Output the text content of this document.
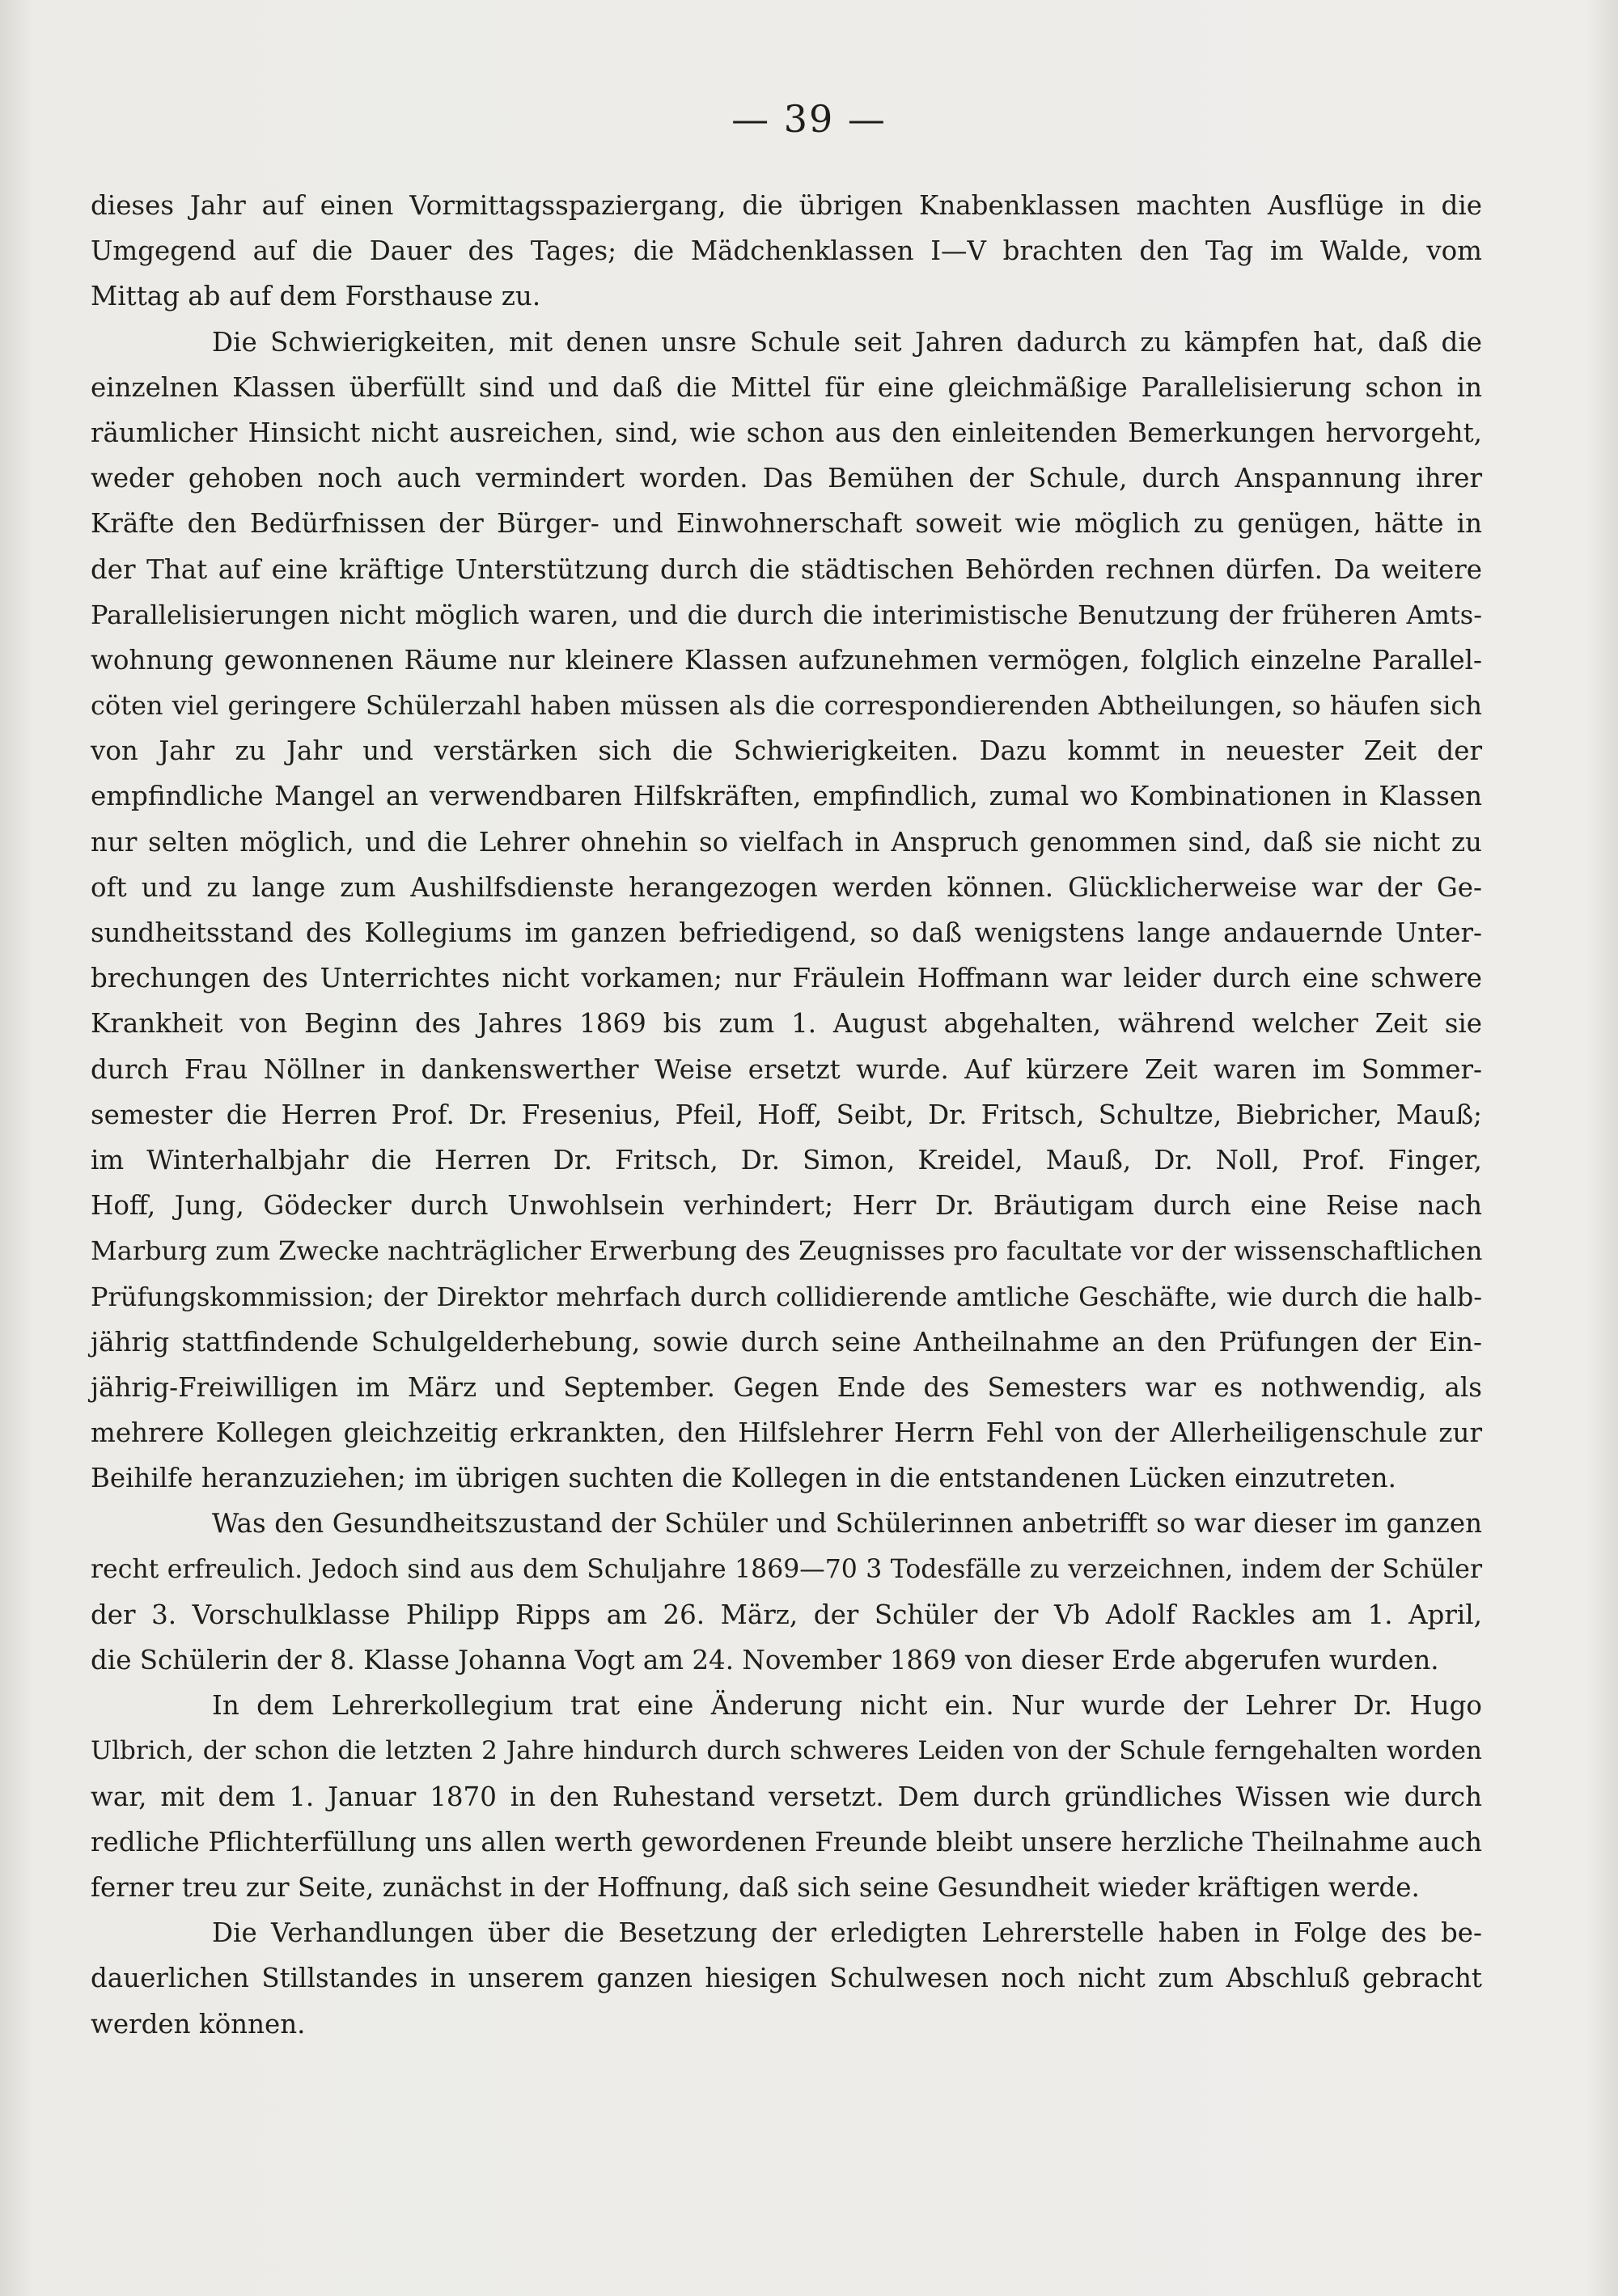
— 39 —
dieses Jahr auf einen Vormittagsspaziergang, die übrigen Knabenklassen machten Ausflüge in die
Umgegend auf die Dauer des Tages; die Mädchenklassen I—V brachten den Tag im Walde, vom
Mittag ab auf dem Forsthause zu.
Die Schwierigkeiten, mit denen unsre Schule seit Jahren dadurch zu kämpfen hat, daß die
einzelnen Klassen überfüllt sind und daß die Mittel für eine gleichmäßige Parallelisierung schon in
räumlicher Hinsicht nicht ausreichen, sind, wie schon aus den einleitenden Bemerkungen hervorgeht,
weder gehoben noch auch vermindert worden. Das Bemühen der Schule, durch Anspannung ihrer
Kräfte den Bedürfnissen der Bürger- und Einwohnerschaft soweit wie möglich zu genügen, hätte in
der That auf eine kräftige Unterstützung durch die städtischen Behörden rechnen dürfen. Da weitere
Parallelisierungen nicht möglich waren, und die durch die interimistische Benutzung der früheren Amts-
wohnung gewonnenen Räume nur kleinere Klassen aufzunehmen vermögen, folglich einzelne Parallel-
cöten viel geringere Schülerzahl haben müssen als die correspondierenden Abtheilungen, so häufen sich
von Jahr zu Jahr und verstärken sich die Schwierigkeiten. Dazu kommt in neuester Zeit der
empfindliche Mangel an verwendbaren Hilfskräften, empfindlich, zumal wo Kombinationen in Klassen
nur selten möglich, und die Lehrer ohnehin so vielfach in Anspruch genommen sind, daß sie nicht zu
oft und zu lange zum Aushilfsdienste herangezogen werden können. Glücklicherweise war der Ge-
sundheitsstand des Kollegiums im ganzen befriedigend, so daß wenigstens lange andauernde Unter-
brechungen des Unterrichtes nicht vorkamen; nur Fräulein Hoffmann war leider durch eine schwere
Krankheit von Beginn des Jahres 1869 bis zum 1. August abgehalten, während welcher Zeit sie
durch Frau Nöllner in dankenswerther Weise ersetzt wurde. Auf kürzere Zeit waren im Sommer-
semester die Herren Prof. Dr. Fresenius, Pfeil, Hoff, Seibt, Dr. Fritsch, Schultze, Biebricher, Mauß;
im Winterhalbjahr die Herren Dr. Fritsch, Dr. Simon, Kreidel, Mauß, Dr. Noll, Prof. Finger,
Hoff, Jung, Gödecker durch Unwohlsein verhindert; Herr Dr. Bräutigam durch eine Reise nach
Marburg zum Zwecke nachträglicher Erwerbung des Zeugnisses pro facultate vor der wissenschaftlichen
Prüfungskommission; der Direktor mehrfach durch collidierende amtliche Geschäfte, wie durch die halb-
jährig stattfindende Schulgelderhebung, sowie durch seine Antheilnahme an den Prüfungen der Ein-
jährig-Freiwilligen im März und September. Gegen Ende des Semesters war es nothwendig, als
mehrere Kollegen gleichzeitig erkrankten, den Hilfslehrer Herrn Fehl von der Allerheiligenschule zur
Beihilfe heranzuziehen; im übrigen suchten die Kollegen in die entstandenen Lücken einzutreten.
Was den Gesundheitszustand der Schüler und Schülerinnen anbetrifft so war dieser im ganzen
recht erfreulich. Jedoch sind aus dem Schuljahre 1869—70 3 Todesfälle zu verzeichnen, indem der Schüler
der 3. Vorschulklasse Philipp Ripps am 26. März, der Schüler der Vb Adolf Rackles am 1. April,
die Schülerin der 8. Klasse Johanna Vogt am 24. November 1869 von dieser Erde abgerufen wurden.
In dem Lehrerkollegium trat eine Änderung nicht ein. Nur wurde der Lehrer Dr. Hugo
Ulbrich, der schon die letzten 2 Jahre hindurch durch schweres Leiden von der Schule ferngehalten worden
war, mit dem 1. Januar 1870 in den Ruhestand versetzt. Dem durch gründliches Wissen wie durch
redliche Pflichterfüllung uns allen werth gewordenen Freunde bleibt unsere herzliche Theilnahme auch
ferner treu zur Seite, zunächst in der Hoffnung, daß sich seine Gesundheit wieder kräftigen werde.
Die Verhandlungen über die Besetzung der erledigten Lehrerstelle haben in Folge des be-
dauerlichen Stillstandes in unserem ganzen hiesigen Schulwesen noch nicht zum Abschluß gebracht
werden können.
